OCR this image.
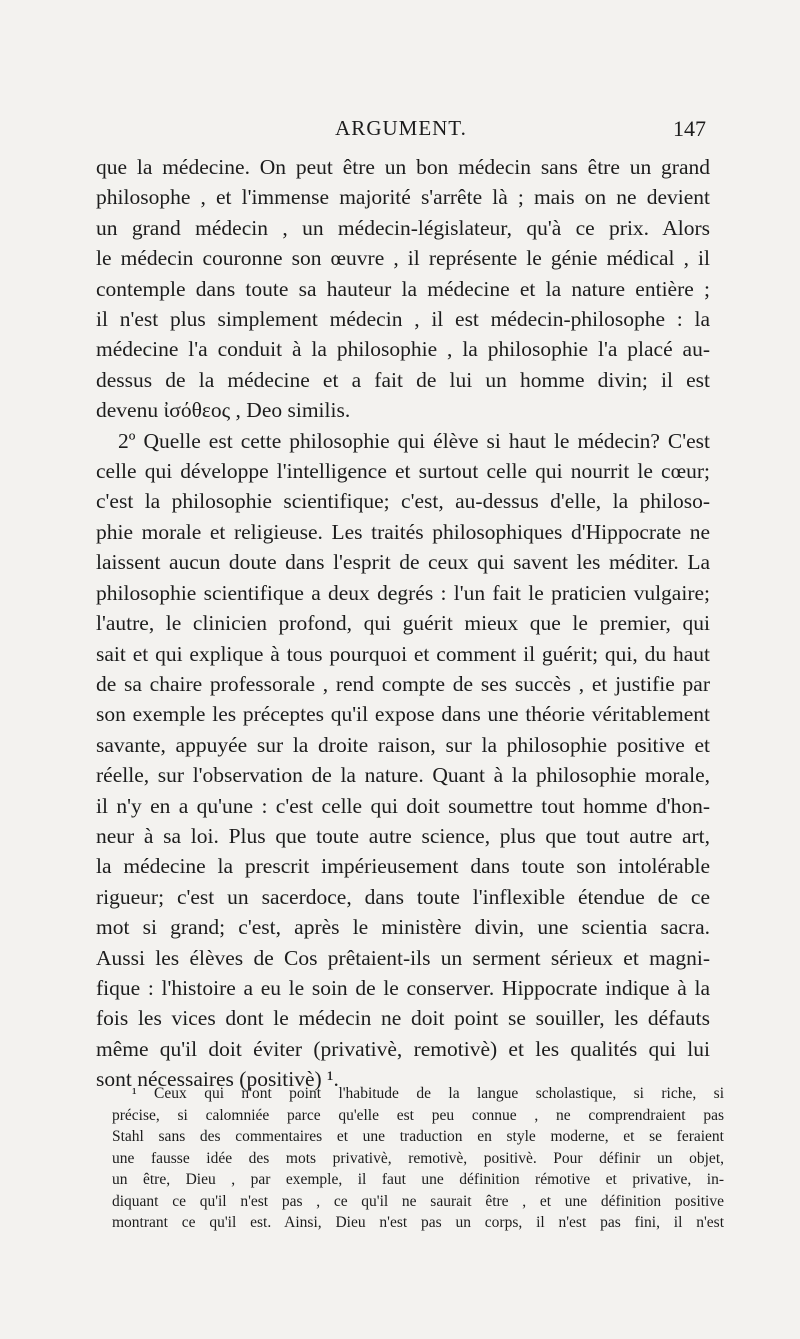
ARGUMENT.	147
que la médecine. On peut être un bon médecin sans être un grand
philosophe , et l'immense majorité s'arrête là ; mais on ne devient
un grand médecin , un médecin-législateur, qu'à ce prix. Alors
le médecin couronne son œuvre , il représente le génie médical , il
contemple dans toute sa hauteur la médecine et la nature entière ;
il n'est plus simplement médecin , il est médecin-philosophe : la
médecine l'a conduit à la philosophie , la philosophie l'a placé au-
dessus de la médecine et a fait de lui un homme divin; il est
devenu ἰσόθεος , Deo similis.
2º Quelle est cette philosophie qui élève si haut le médecin? C'est
celle qui développe l'intelligence et surtout celle qui nourrit le cœur;
c'est la philosophie scientifique; c'est, au-dessus d'elle, la philoso-
phie morale et religieuse. Les traités philosophiques d'Hippocrate ne
laissent aucun doute dans l'esprit de ceux qui savent les méditer. La
philosophie scientifique a deux degrés : l'un fait le praticien vulgaire;
l'autre, le clinicien profond, qui guérit mieux que le premier, qui
sait et qui explique à tous pourquoi et comment il guérit; qui, du haut
de sa chaire professorale , rend compte de ses succès , et justifie par
son exemple les préceptes qu'il expose dans une théorie véritablement
savante, appuyée sur la droite raison, sur la philosophie positive et
réelle, sur l'observation de la nature. Quant à la philosophie morale,
il n'y en a qu'une : c'est celle qui doit soumettre tout homme d'hon-
neur à sa loi. Plus que toute autre science, plus que tout autre art,
la médecine la prescrit impérieusement dans toute son intolérable
rigueur; c'est un sacerdoce, dans toute l'inflexible étendue de ce
mot si grand; c'est, après le ministère divin, une scientia sacra.
Aussi les élèves de Cos prêtaient-ils un serment sérieux et magni-
fique : l'histoire a eu le soin de le conserver. Hippocrate indique à la
fois les vices dont le médecin ne doit point se souiller, les défauts
même qu'il doit éviter (privativè, remotivè) et les qualités qui lui
sont nécessaires (positivè) ¹.
¹ Ceux qui n'ont point l'habitude de la langue scholastique, si riche, si
précise, si calomniée parce qu'elle est peu connue , ne comprendraient pas
Stahl sans des commentaires et une traduction en style moderne, et se feraient
une fausse idée des mots privativè, remotivè, positivè. Pour définir un objet,
un être, Dieu , par exemple, il faut une définition rémotive et privative, in-
diquant ce qu'il n'est pas , ce qu'il ne saurait être , et une définition positive
montrant ce qu'il est. Ainsi, Dieu n'est pas un corps, il n'est pas fini, il n'est
